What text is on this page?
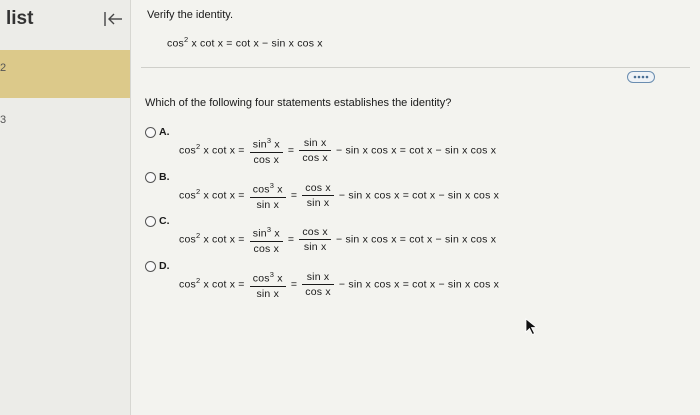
list
2
3
Verify the identity.
$\cos^2 x$ cot x = cot x − sin x cos x
Which of the following four statements establishes the identity?
A.
$\cos^2 x$ $\cot x = \frac{\sin^3 x}{\text{cos x}} = \frac{\text{sin x}}{\text{cos x}} - \sin x$ cos x = cot x − sin x cos x
B.
$\cos^2 x$ $\cot x = \frac{\cos^3 x}{\text{sin x}} = \frac{\text{cos x}}{\text{sin x}} - \sin x$ cos x = cot x − sin x cos x
C.
$\cos^2 x$ $\cot x = \frac{\sin^3 x}{\text{cos x}} = \frac{\text{cos x}}{\text{sin x}} - \sin x$ cos x = cot x − sin x cos x
D.
$\cos^2 x$ $\cot x = \frac{\cos^3 x}{\text{sin x}} = \frac{\text{sin x}}{\text{cos x}} - \sin x$ cos x = cot x − sin x cos x
